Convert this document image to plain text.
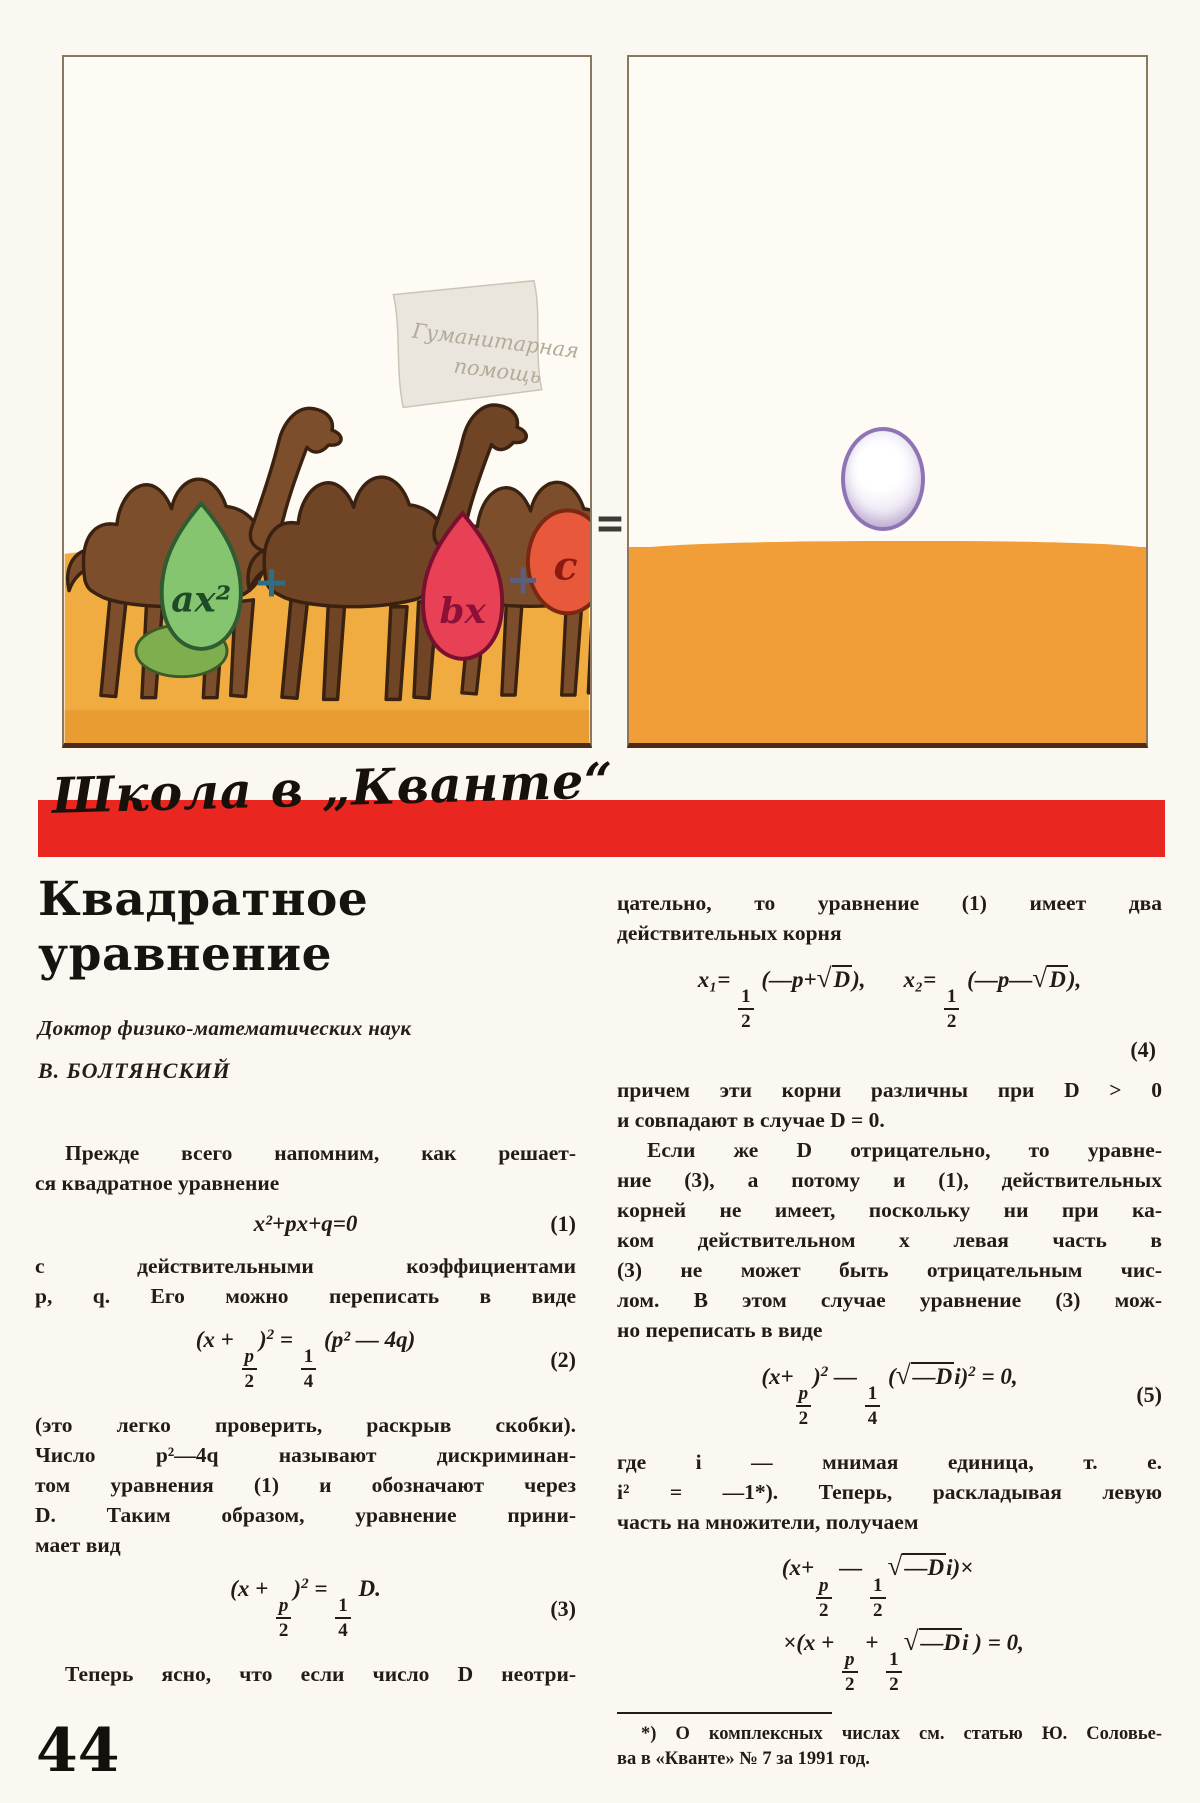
Гуманитарная
помощь
ax²	bx
c
+	+
=
Школа в „Кванте“
Квадратное
уравнение
Доктор физико-математических наук
В. БОЛТЯНСКИЙ
Прежде всего напомним, как решает-
ся квадратное уравнение
x²+px+q=0	(1)
с действительными коэффициентами
p, q. Его можно переписать в виде
(x +
$\frac{p}{2}$
)$^2$ =
$\frac{1}{4}$
(p² — 4q)
(2)
(это легко проверить, раскрыв скобки).
Число p²—4q называют дискриминан-
том уравнения (1) и обозначают через
D. Таким образом, уравнение прини-
мает вид
(x +
$\frac{p}{2}$
)$^2$ =
$\frac{1}{4}$
D.
(3)
Теперь ясно, что если число D неотри-
цательно, то уравнение (1) имеет два
действительных корня
x₁=
$\frac{1}{2}$
(—p+√D), x₂=
$\frac{1}{2}$
(—p—√D),
(4)
причем эти корни различны при D > 0
и совпадают в случае D = 0.
Если же D отрицательно, то уравне-
ние (3), а потому и (1), действительных
корней не имеет, поскольку ни при ка-
ком действительном x левая часть в
(3) не может быть отрицательным чис-
лом. В этом случае уравнение (3) мож-
но переписать в виде
(x+
$\frac{p}{2}$
)$^2$ —
$\frac{1}{4}$
(√—Di)$^2$ = 0,
(5)
где i — мнимая единица, т. е.
i² = —1*). Теперь, раскладывая левую
часть на множители, получаем
(x+
$\frac{p}{2}$
—
$\frac{1}{2}$
√—Di)×
×(x +
$\frac{p}{2}$
+
$\frac{1}{2}$
√—Di ) = 0,
*) О комплексных числах см. статью Ю. Соловье-
ва в «Кванте» № 7 за 1991 год.
44
